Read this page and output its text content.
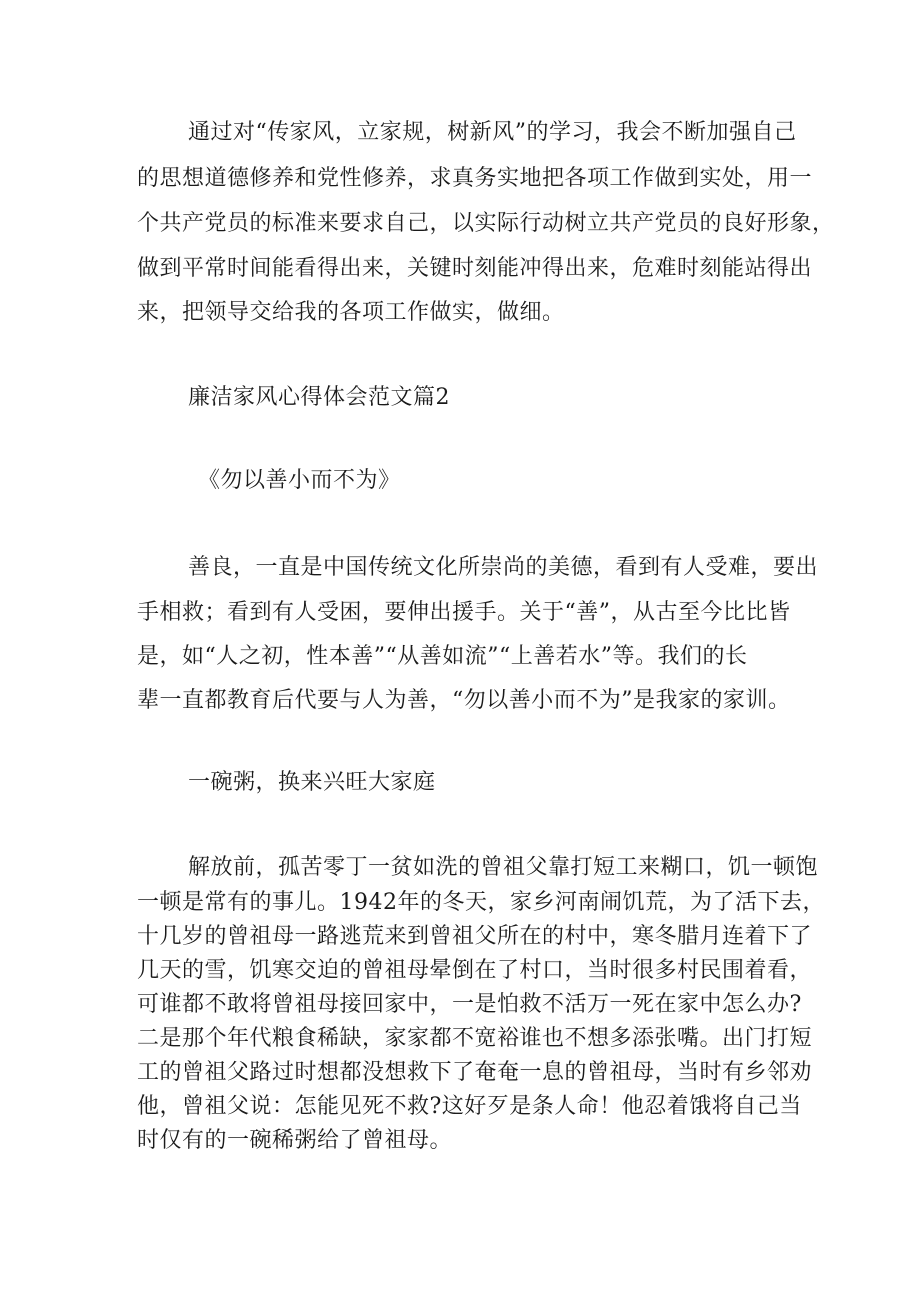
通过对“传家风，立家规，树新风”的学习，我会不断加强自己
的思想道德修养和党性修养，求真务实地把各项工作做到实处，用一
个共产党员的标准来要求自己，以实际行动树立共产党员的良好形象，
做到平常时间能看得出来，关键时刻能冲得出来，危难时刻能站得出
来，把领导交给我的各项工作做实，做细。
廉洁家风心得体会范文篇2
《勿以善小而不为》
善良，一直是中国传统文化所崇尚的美德，看到有人受难，要出
手相救；看到有人受困，要伸出援手。关于“善”，从古至今比比皆
是，如“人之初，性本善”“从善如流”“上善若水”等。我们的长
辈一直都教育后代要与人为善，“勿以善小而不为”是我家的家训。
一碗粥，换来兴旺大家庭
解放前，孤苦零丁一贫如洗的曾祖父靠打短工来糊口，饥一顿饱
一顿是常有的事儿。1942年的冬天，家乡河南闹饥荒，为了活下去，
十几岁的曾祖母一路逃荒来到曾祖父所在的村中，寒冬腊月连着下了
几天的雪，饥寒交迫的曾祖母晕倒在了村口，当时很多村民围着看，
可谁都不敢将曾祖母接回家中，一是怕救不活万一死在家中怎么办?
二是那个年代粮食稀缺，家家都不宽裕谁也不想多添张嘴。出门打短
工的曾祖父路过时想都没想救下了奄奄一息的曾祖母，当时有乡邻劝
他，曾祖父说：怎能见死不救?这好歹是条人命！他忍着饿将自己当
时仅有的一碗稀粥给了曾祖母。
